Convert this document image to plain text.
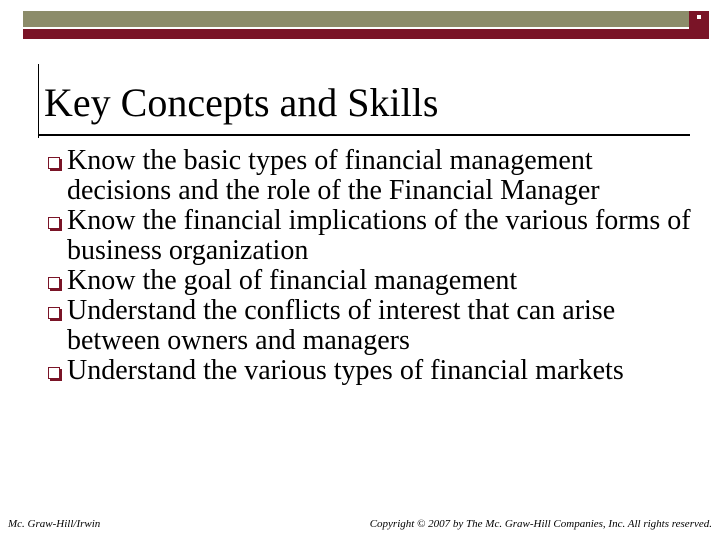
Key Concepts and Skills
Know the basic types of financial management decisions and the role of the Financial Manager
Know the financial implications of the various forms of business organization
Know the goal of financial management
Understand the conflicts of interest that can arise between owners and managers
Understand the various types of financial markets
Mc. Graw-Hill/Irwin	Copyright © 2007 by The Mc. Graw-Hill Companies, Inc. All rights reserved.
